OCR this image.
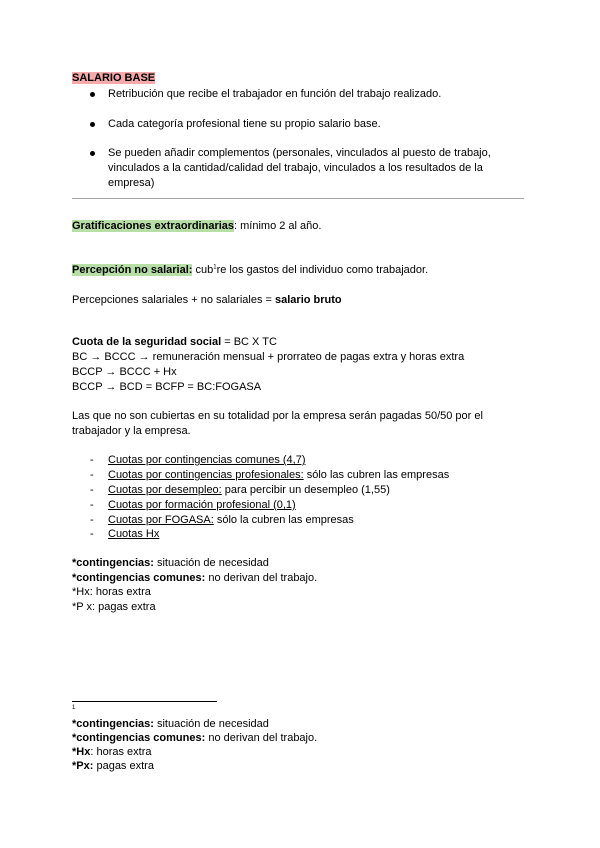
SALARIO BASE
Retribución que recibe el trabajador en función del trabajo realizado.
Cada categoría profesional tiene su propio salario base.
Se pueden añadir complementos (personales, vinculados al puesto de trabajo,
vinculados a la cantidad/calidad del trabajo, vinculados a los resultados de la
empresa)
Gratificaciones extraordinarias: mínimo 2 al año.
Percepción no salarial: cub$^1$re los gastos del individuo como trabajador.
Percepciones salariales + no salariales = salario bruto
Cuota de la seguridad social = BC X TC
BC → BCCC → remuneración mensual + prorrateo de pagas extra y horas extra
BCCP → BCCC + Hx
BCCP → BCD = BCFP = BC:FOGASA
Las que no son cubiertas en su totalidad por la empresa serán pagadas 50/50 por el
trabajador y la empresa.
- Cuotas por contingencias comunes (4,7)
- Cuotas por contingencias profesionales: sólo las cubren las empresas
- Cuotas por desempleo: para percibir un desempleo (1,55)
- Cuotas por formación profesional (0,1)
- Cuotas por FOGASA: sólo la cubren las empresas
- Cuotas Hx
*contingencias: situación de necesidad
*contingencias comunes: no derivan del trabajo.
*Hx: horas extra
*P x: pagas extra
1
*contingencias: situación de necesidad
*contingencias comunes: no derivan del trabajo.
*Hx: horas extra
*Px: pagas extra
